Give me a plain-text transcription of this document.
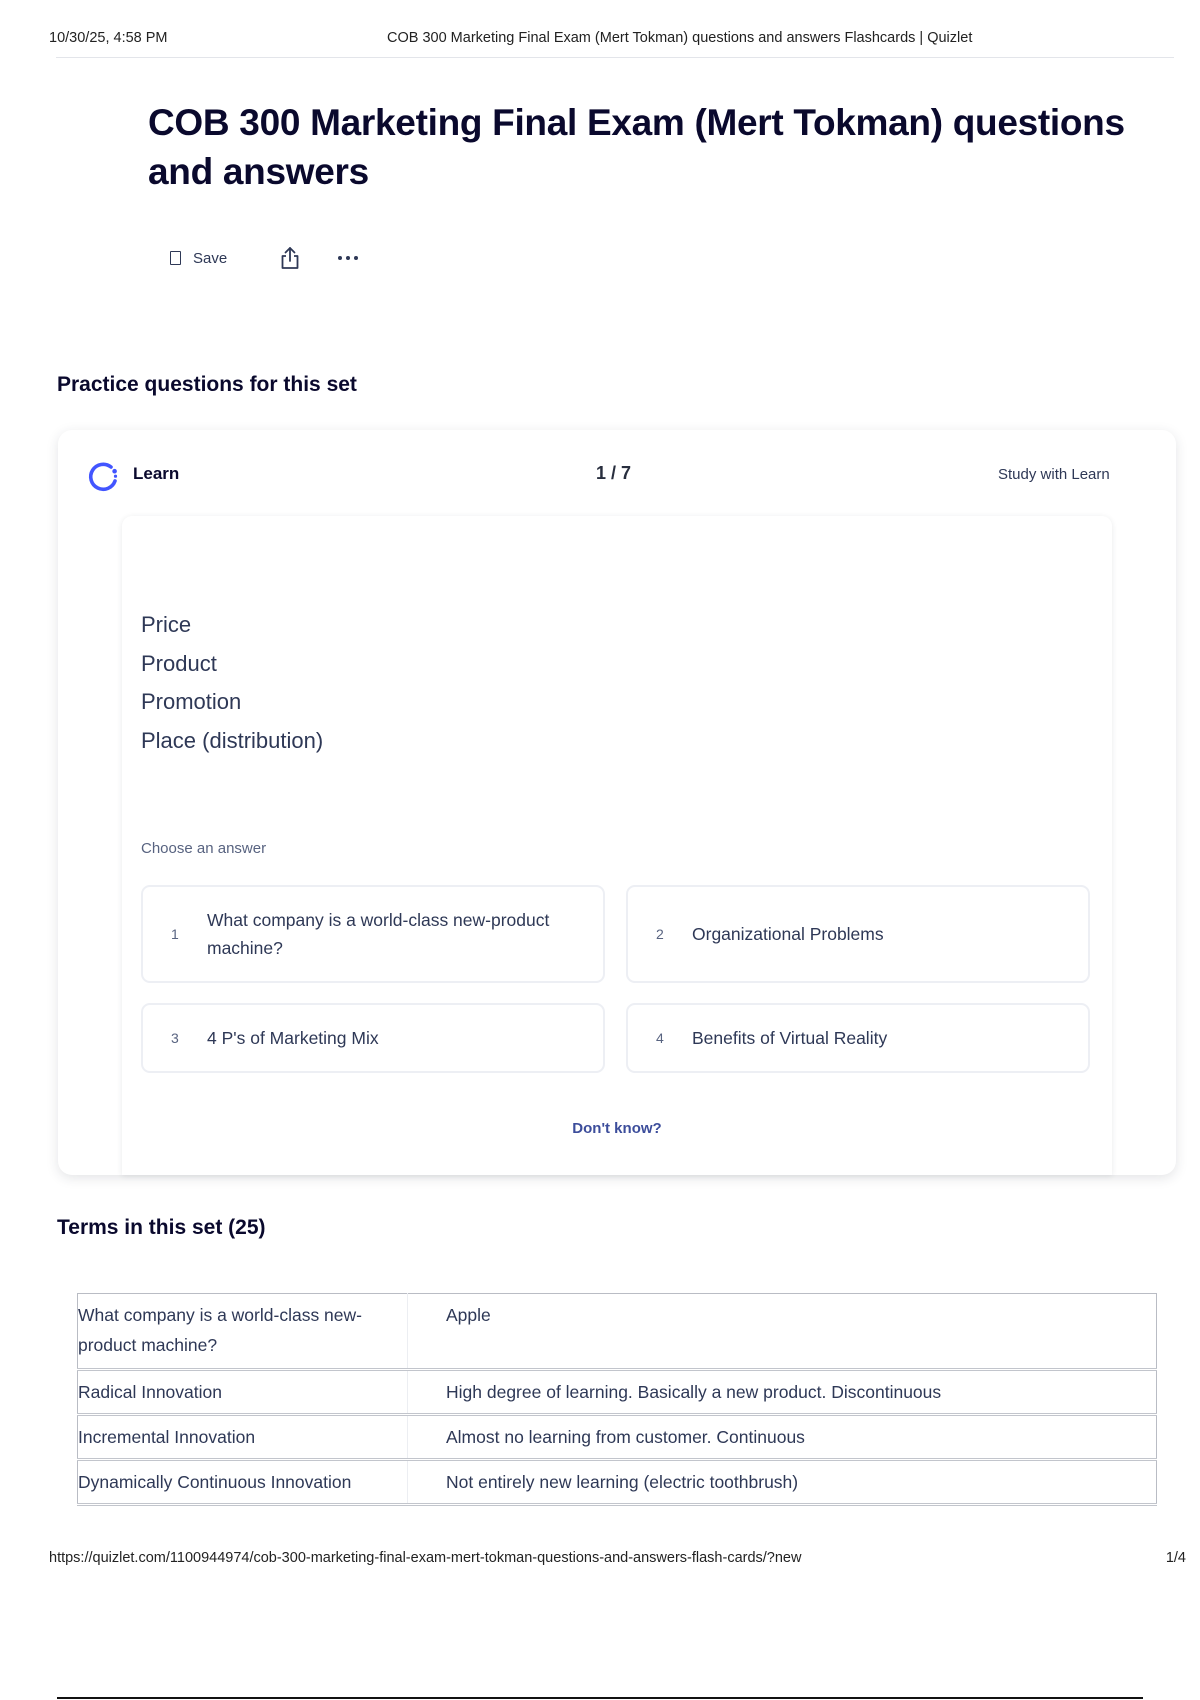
10/30/25, 4:58 PM	COB 300 Marketing Final Exam (Mert Tokman) questions and answers Flashcards | Quizlet
COB 300 Marketing Final Exam (Mert Tokman) questions and answers
Save
Practice questions for this set
Learn	1 / 7	Study with Learn
Price
Product
Promotion
Place (distribution)
Choose an answer
1
What company is a world-class new-product machine?
2 Organizational Problems
3 4 P's of Marketing Mix	4 Benefits of Virtual Reality
Don't know?
Terms in this set (25)
What company is a world-class new-product machine?	Apple
Radical Innovation	High degree of learning. Basically a new product. Discontinuous
Incremental Innovation	Almost no learning from customer. Continuous
Dynamically Continuous Innovation	Not entirely new learning (electric toothbrush)
https://quizlet.com/1100944974/cob-300-marketing-final-exam-mert-tokman-questions-and-answers-flash-cards/?new	1/4
